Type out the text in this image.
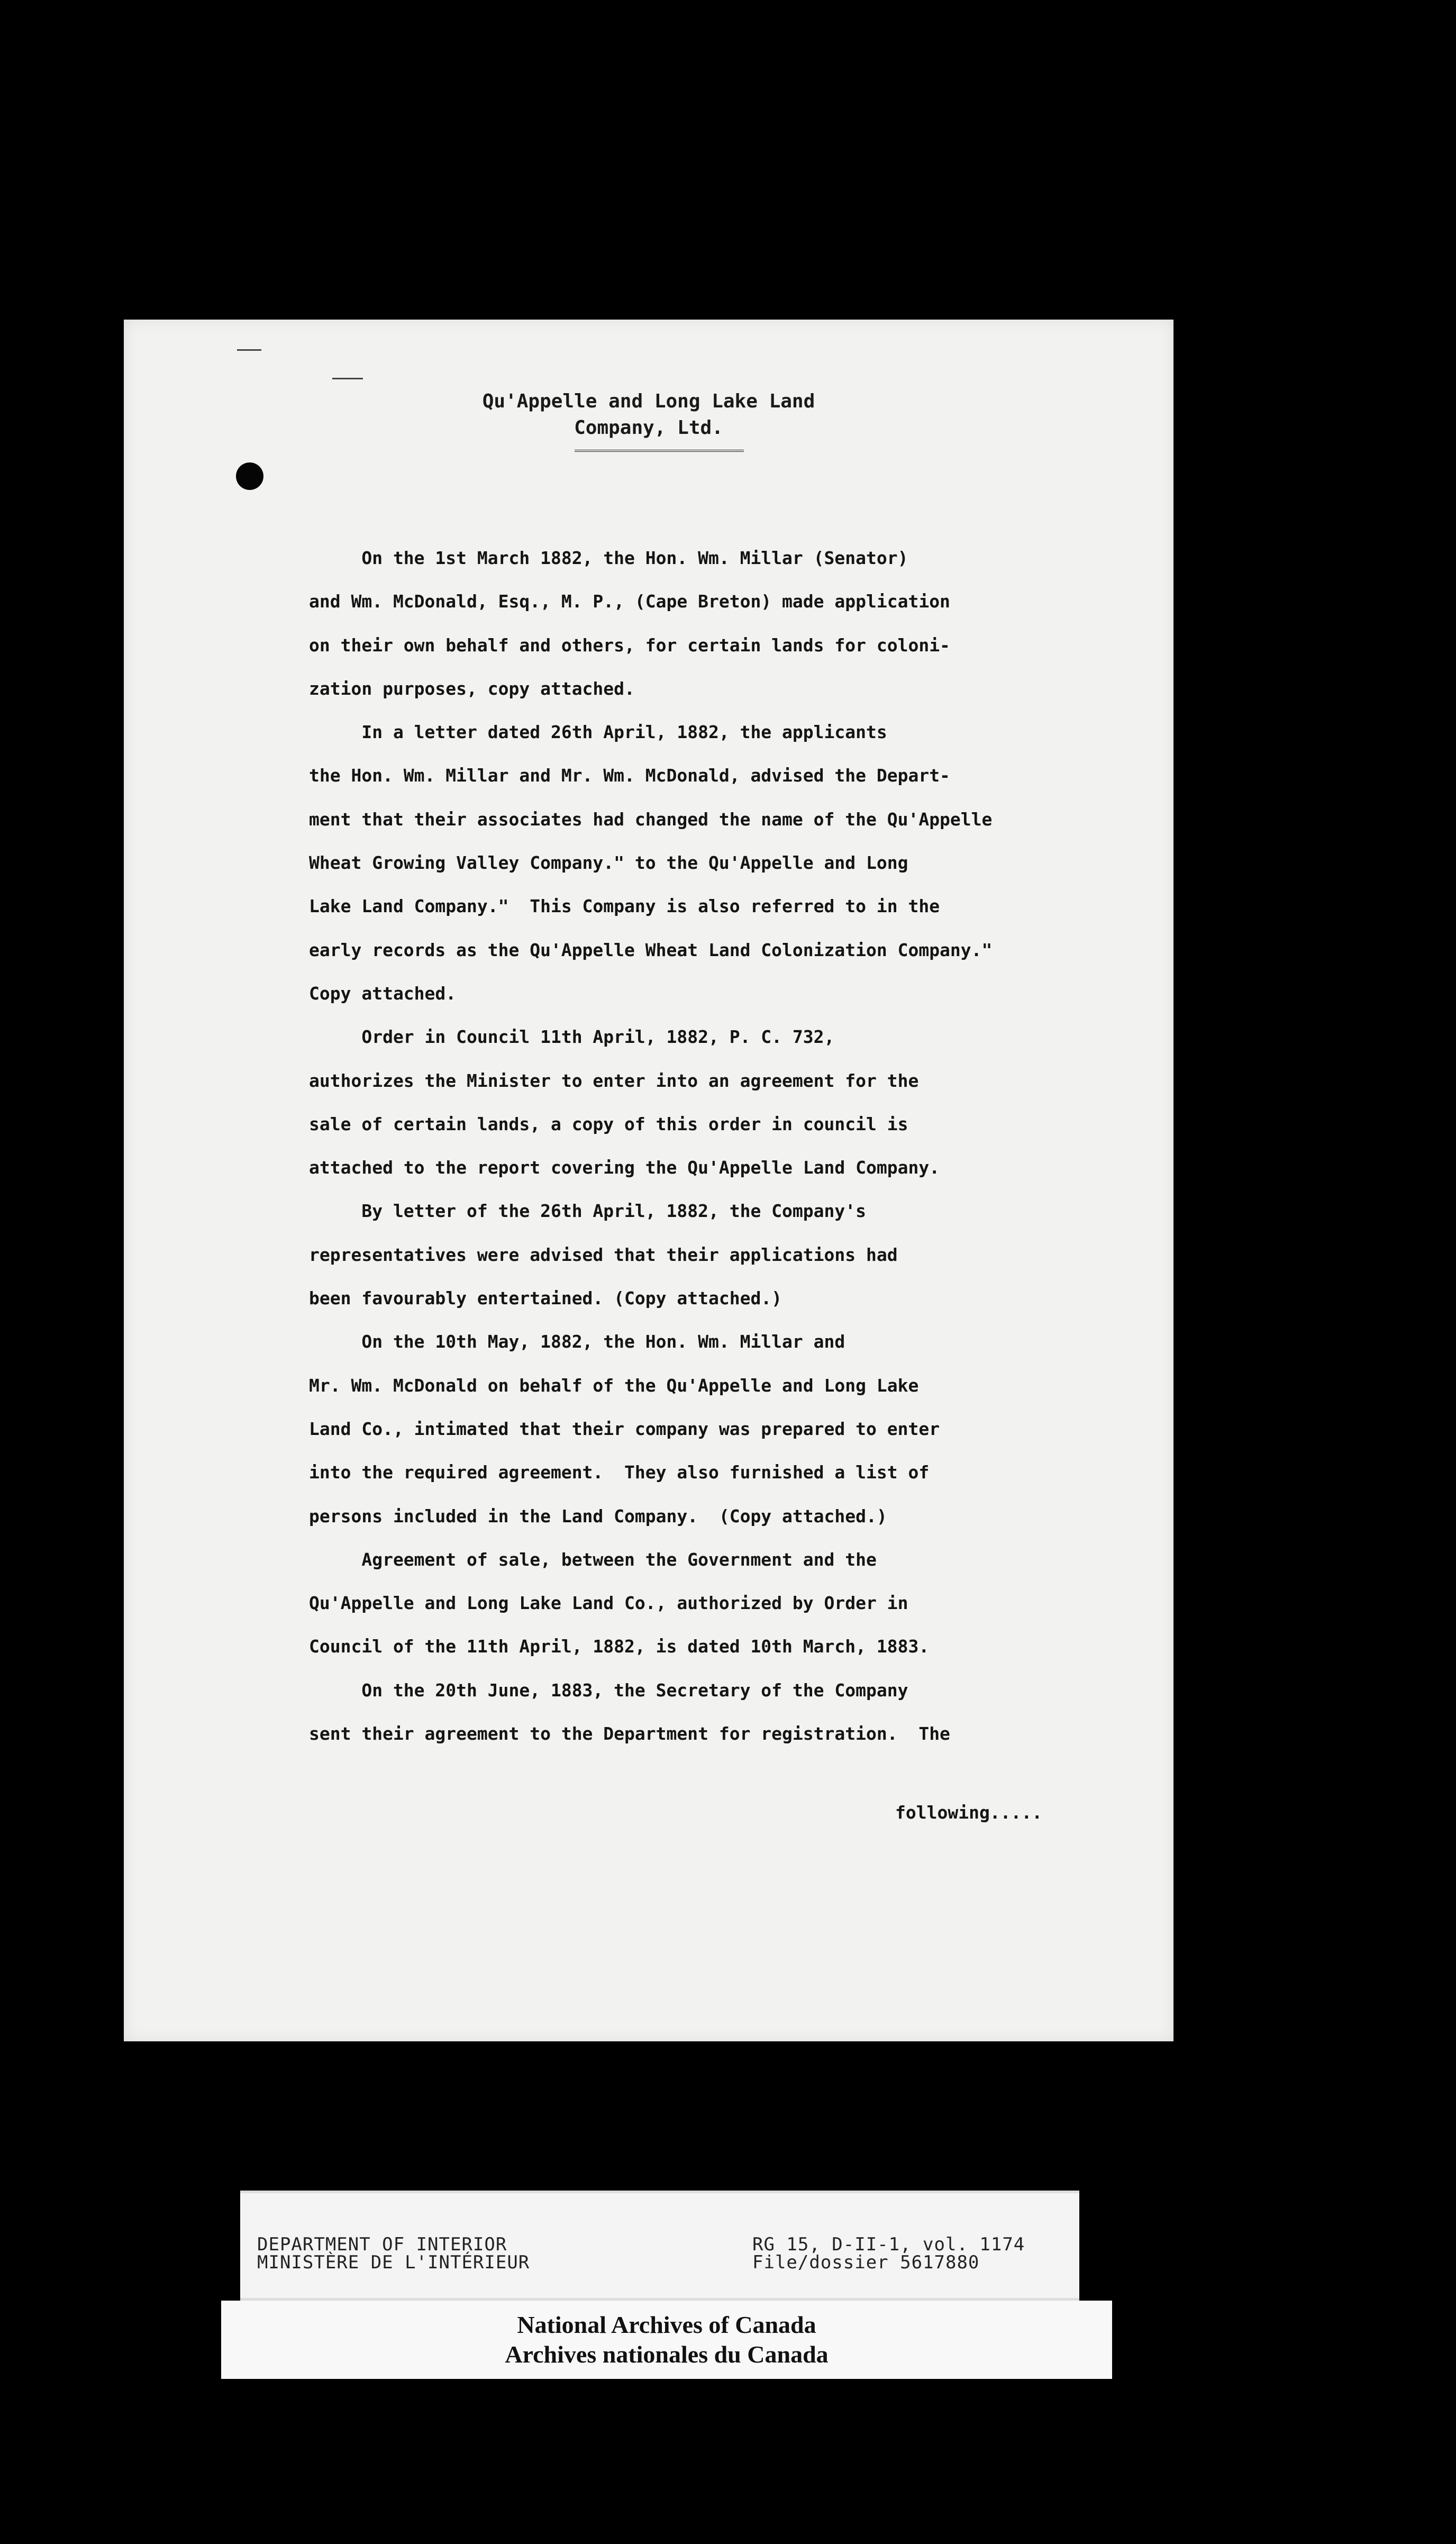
Qu'Appelle and Long Lake Land
Company, Ltd.

On the 1st March 1882, the Hon. Wm. Millar (Senator)

and Wm. McDonald, Esq., M. P., (Cape Breton) made application

on their own behalf and others, for certain lands for coloni-

zation purposes, copy attached.

In a letter dated 26th April, 1882, the applicants

the Hon. Wm. Millar and Mr. Wm. McDonald, advised the Depart-

ment that their associates had changed the name of the Qu'Appelle

Wheat Growing Valley Company." to the Qu'Appelle and Long

Lake Land Company."  This Company is also referred to in the

early records as the Qu'Appelle Wheat Land Colonization Company."

Copy attached.

Order in Council 11th April, 1882, P. C. 732,

authorizes the Minister to enter into an agreement for the

sale of certain lands, a copy of this order in council is

attached to the report covering the Qu'Appelle Land Company.

By letter of the 26th April, 1882, the Company's

representatives were advised that their applications had

been favourably entertained. (Copy attached.)

On the 10th May, 1882, the Hon. Wm. Millar and

Mr. Wm. McDonald on behalf of the Qu'Appelle and Long Lake

Land Co., intimated that their company was prepared to enter

into the required agreement.  They also furnished a list of

persons included in the Land Company.  (Copy attached.)

Agreement of sale, between the Government and the

Qu'Appelle and Long Lake Land Co., authorized by Order in

Council of the 11th April, 1882, is dated 10th March, 1883.

On the 20th June, 1883, the Secretary of the Company

sent their agreement to the Department for registration.  The

following.....
DEPARTMENT OF INTERIOR
MINISTÈRE DE L'INTÉRIEUR
RG 15, D-II-1, vol. 1174
File/dossier 5617880
National Archives of Canada
Archives nationales du Canada
